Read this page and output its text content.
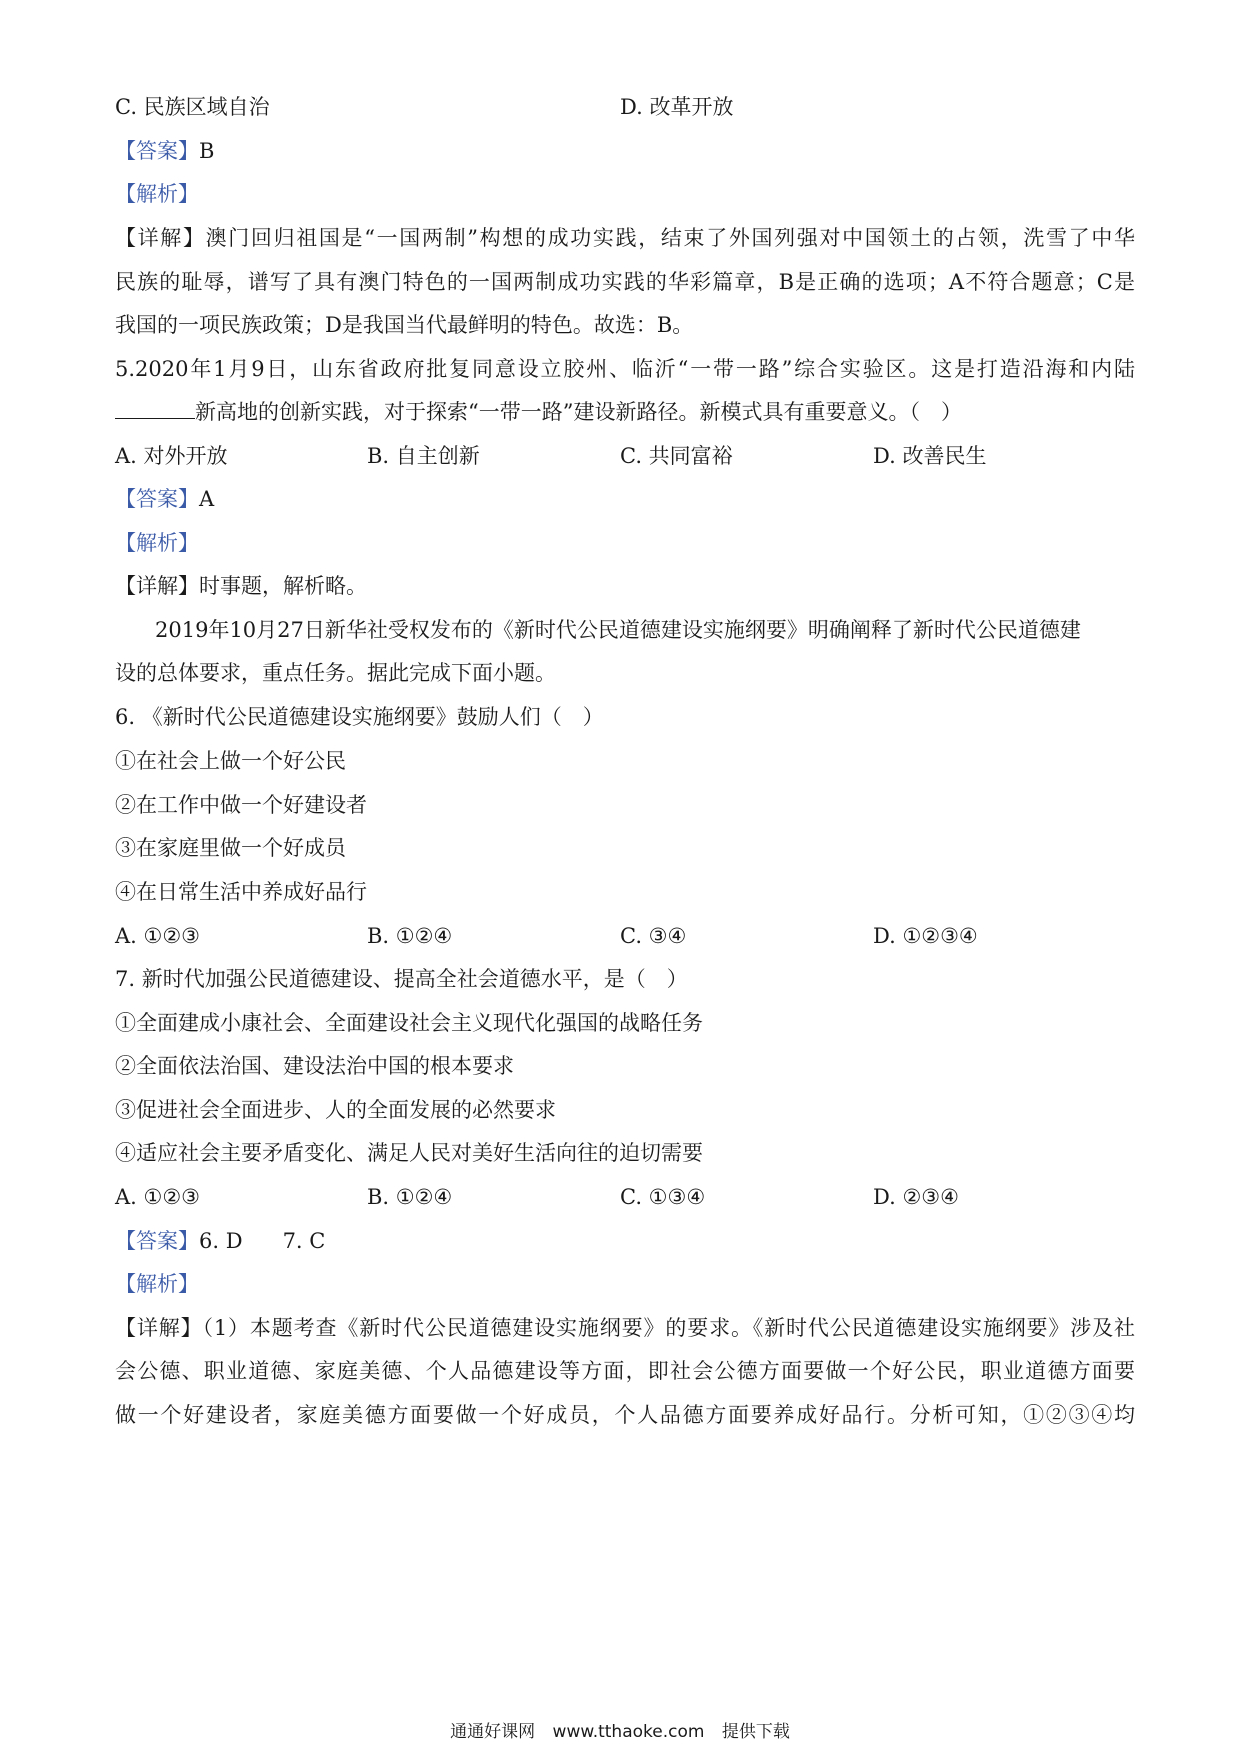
C. 民族区域自治	D. 改革开放
【答案】B
【解析】
【详解】澳门回归祖国是“一国两制”构想的成功实践，结束了外国列强对中国领土的占领，洗雪了中华
民族的耻辱，谱写了具有澳门特色的一国两制成功实践的华彩篇章，B是正确的选项；A不符合题意；C是
我国的一项民族政策；D是我国当代最鲜明的特色。故选：B。
5.2020年1月9日，山东省政府批复同意设立胶州、临沂“一带一路”综合实验区。这是打造沿海和内陆
新高地的创新实践，对于探索“一带一路”建设新路径。新模式具有重要意义。（　）
A. 对外开放	B. 自主创新	C. 共同富裕	D. 改善民生
【答案】A
【解析】
【详解】时事题，解析略。
2019年10月27日新华社受权发布的《新时代公民道德建设实施纲要》明确阐释了新时代公民道德建
设的总体要求，重点任务。据此完成下面小题。
6. 《新时代公民道德建设实施纲要》鼓励人们（　）
①在社会上做一个好公民
②在工作中做一个好建设者
③在家庭里做一个好成员
④在日常生活中养成好品行
A. ①②③	B. ①②④	C. ③④	D. ①②③④
7. 新时代加强公民道德建设、提高全社会道德水平，是（　）
①全面建成小康社会、全面建设社会主义现代化强国的战略任务
②全面依法治国、建设法治中国的根本要求
③促进社会全面进步、人的全面发展的必然要求
④适应社会主要矛盾变化、满足人民对美好生活向往的迫切需要
A. ①②③	B. ①②④	C. ①③④	D. ②③④
【答案】6. D 7. C
【解析】
【详解】（1）本题考查《新时代公民道德建设实施纲要》的要求。《新时代公民道德建设实施纲要》涉及社
会公德、职业道德、家庭美德、个人品德建设等方面，即社会公德方面要做一个好公民，职业道德方面要
做一个好建设者，家庭美德方面要做一个好成员，个人品德方面要养成好品行。分析可知，①②③④均
通通好课网 www.tthaoke.com 提供下载
